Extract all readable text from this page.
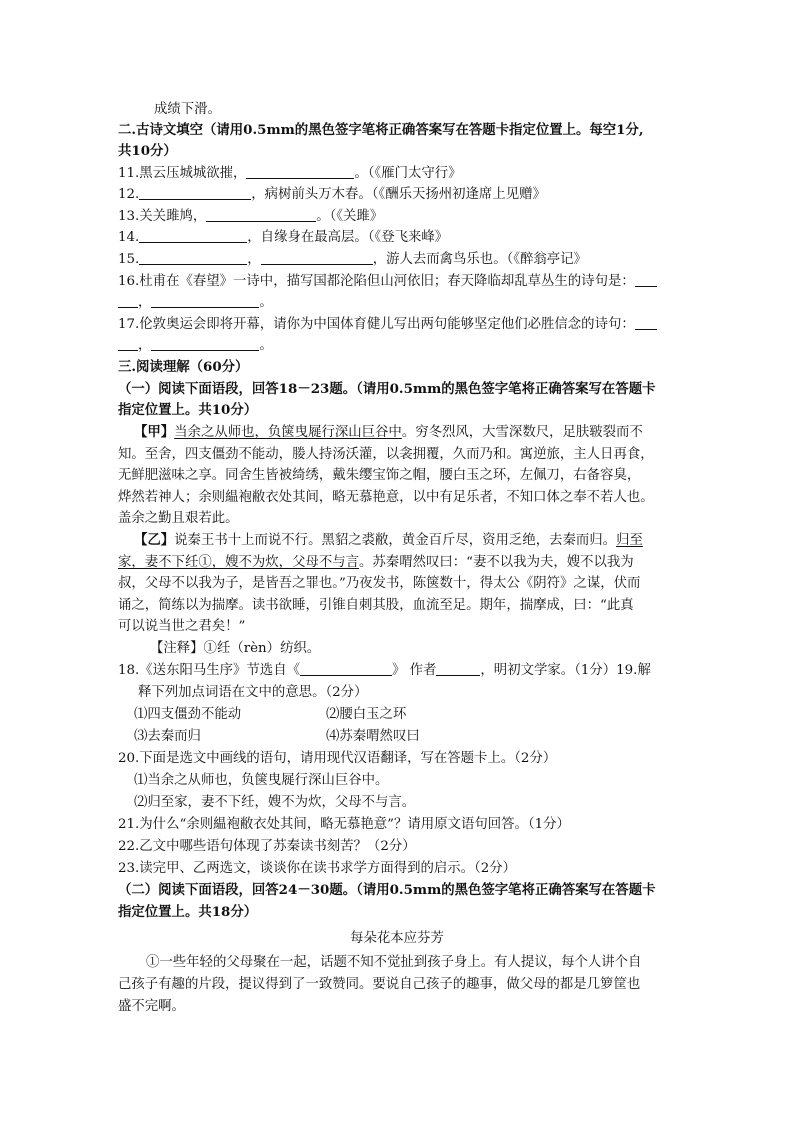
成绩下滑。
二.古诗文填空（请用0.5mm的黑色签字笔将正确答案写在答题卡指定位置上。每空1分,
共10分）
11.黑云压城城欲摧，	。（《雁门太守行》
12.	，病树前头万木春。（《酬乐天扬州初逢席上见赠》
13.关关雎鸠，	。（《关雎》
14.	，自缘身在最高层。（《登飞来峰》
15.	，	，游人去而禽鸟乐也。（《醉翁亭记》
16.杜甫在《春望》一诗中，描写国都沦陷但山河依旧；春天降临却乱草丛生的诗句是：
，	。
17.伦敦奥运会即将开幕，请你为中国体育健儿写出两句能够坚定他们必胜信念的诗句：
，	。
三.阅读理解（60分）
（一）阅读下面语段，回答18－23题。（请用0.5mm的黑色签字笔将正确答案写在答题卡
指定位置上。共10分）
【甲】当余之从师也，负箧曳屣行深山巨谷中。穷冬烈风，大雪深数尺，足肤皲裂而不
知。至舍，四支僵劲不能动，媵人持汤沃灌，以衾拥覆，久而乃和。寓逆旅，主人日再食，
无鲜肥滋味之享。同舍生皆被绮绣，戴朱缨宝饰之帽，腰白玉之环，左佩刀，右备容臭，
烨然若神人；余则緼袍敝衣处其间，略无慕艳意，以中有足乐者，不知口体之奉不若人也。
盖余之勤且艰若此。
【乙】说秦王书十上而说不行。黑貂之裘敝，黄金百斤尽，资用乏绝，去秦而归。归至
家，妻不下纴①，嫂不为炊，父母不与言。苏秦喟然叹曰：“妻不以我为夫，嫂不以我为
叔，父母不以我为子，是皆吾之罪也。”乃夜发书，陈箧数十，得太公《阴符》之谋，伏而
诵之，简练以为揣摩。读书欲睡，引锥自刺其股，血流至足。期年，揣摩成，曰：“此真
可以说当世之君矣！”
【注释】①纴（rèn）纺织。
18.《送东阳马生序》节选自《	》 作者	，明初文学家。（1分）19.解
释下列加点词语在文中的意思。（2分）
⑴四支僵劲不能动	⑵腰白玉之环
⑶去秦而归	⑷苏秦喟然叹曰
20.下面是选文中画线的语句，请用现代汉语翻译，写在答题卡上。（2分）
⑴当余之从师也，负箧曳屣行深山巨谷中。
⑵归至家，妻不下纴，嫂不为炊，父母不与言。
21.为什么“余则緼袍敝衣处其间，略无慕艳意”？请用原文语句回答。（1分）
22.乙文中哪些语句体现了苏秦读书刻苦？（2分）
23.读完甲、乙两选文，谈谈你在读书求学方面得到的启示。（2分）
（二）阅读下面语段，回答24－30题。（请用0.5mm的黑色签字笔将正确答案写在答题卡
指定位置上。共18分）
每朵花本应芬芳
①一些年轻的父母聚在一起，话题不知不觉扯到孩子身上。有人提议，每个人讲个自
己孩子有趣的片段，提议得到了一致赞同。要说自己孩子的趣事，做父母的都是几箩筐也
盛不完啊。
